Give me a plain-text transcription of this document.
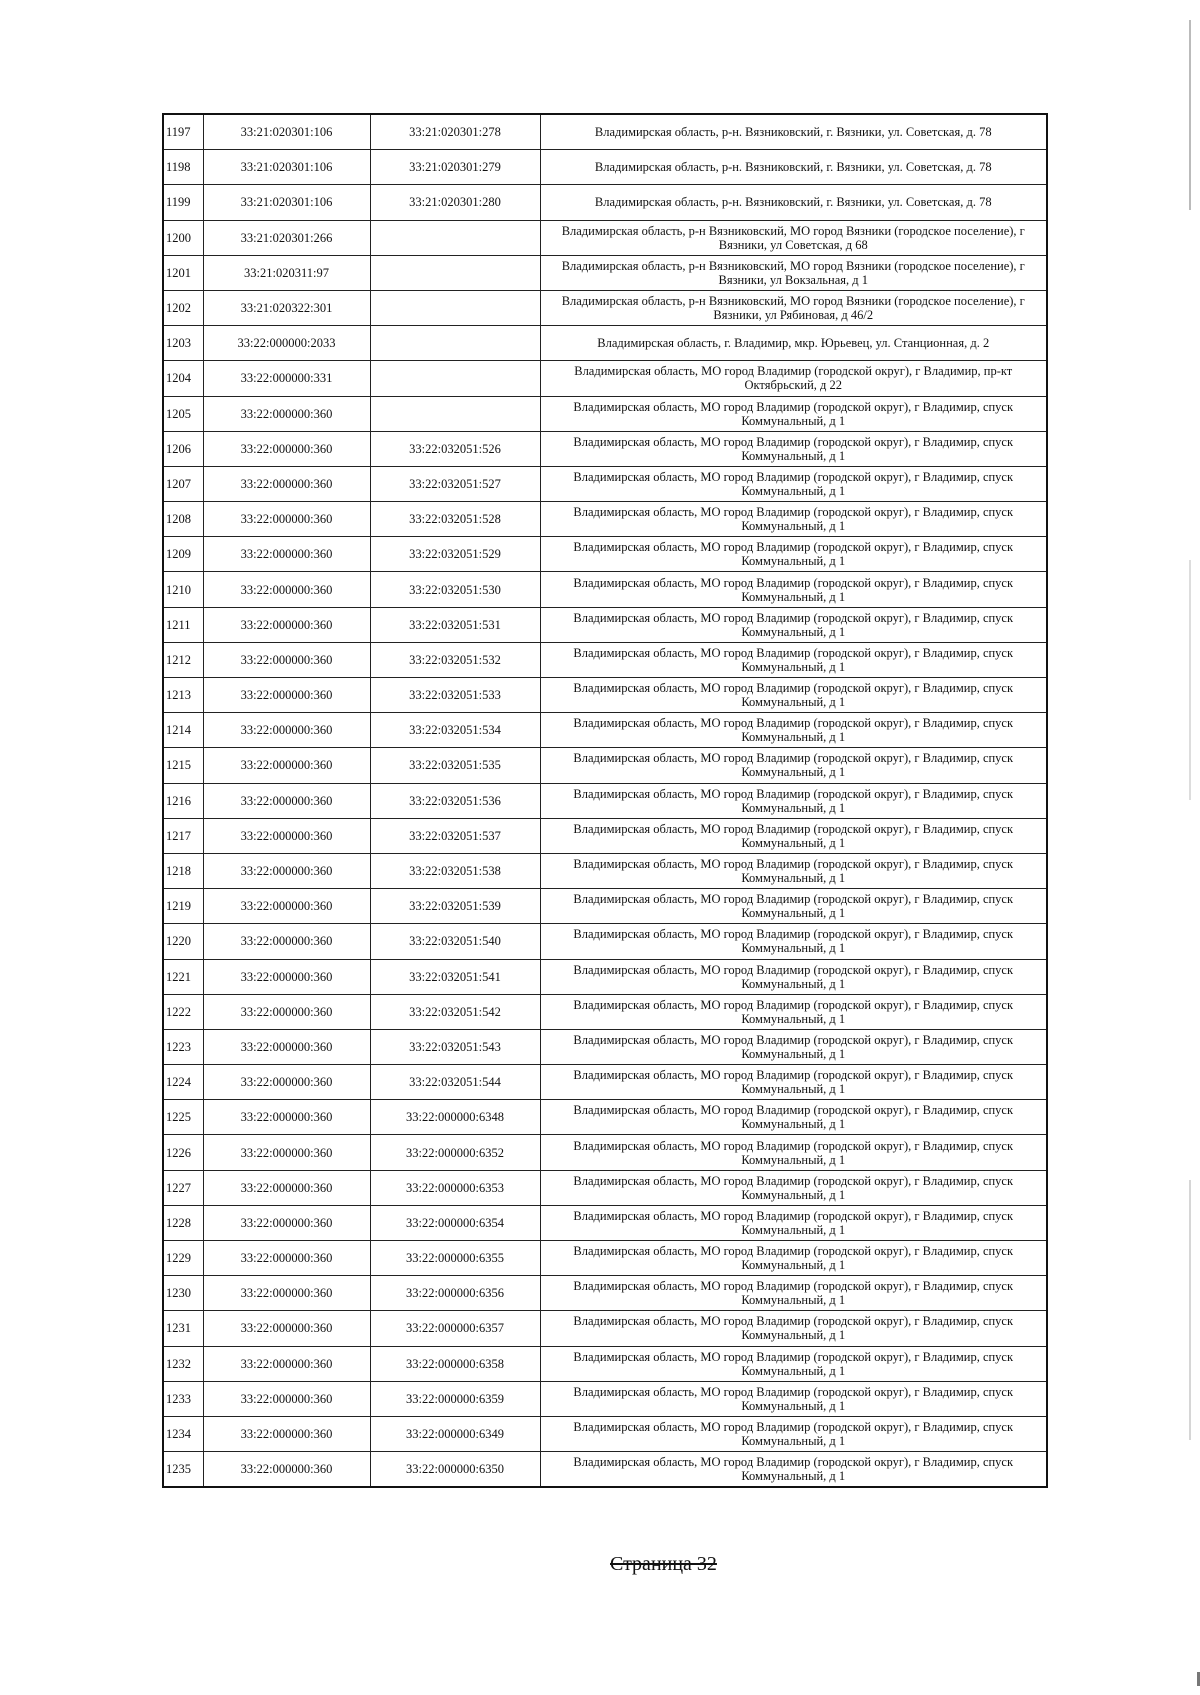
1197	33:21:020301:106	33:21:020301:278	Владимирская область, р-н. Вязниковский, г. Вязники, ул. Советская, д. 78
1198	33:21:020301:106	33:21:020301:279	Владимирская область, р-н. Вязниковский, г. Вязники, ул. Советская, д. 78
1199	33:21:020301:106	33:21:020301:280	Владимирская область, р-н. Вязниковский, г. Вязники, ул. Советская, д. 78
1200	33:21:020301:266		Владимирская область, р-н Вязниковский, МО город Вязники (городское поселение), г Вязники, ул Советская, д 68
1201	33:21:020311:97		Владимирская область, р-н Вязниковский, МО город Вязники (городское поселение), г Вязники, ул Вокзальная, д 1
1202	33:21:020322:301		Владимирская область, р-н Вязниковский, МО город Вязники (городское поселение), г Вязники, ул Рябиновая, д 46/2
1203	33:22:000000:2033		Владимирская область, г. Владимир, мкр. Юрьевец, ул. Станционная, д. 2
1204	33:22:000000:331		Владимирская область, МО город Владимир (городской округ), г Владимир, пр-кт Октябрьский, д 22
1205	33:22:000000:360		Владимирская область, МО город Владимир (городской округ), г Владимир, спуск Коммунальный, д 1
1206	33:22:000000:360	33:22:032051:526	Владимирская область, МО город Владимир (городской округ), г Владимир, спуск Коммунальный, д 1
1207	33:22:000000:360	33:22:032051:527	Владимирская область, МО город Владимир (городской округ), г Владимир, спуск Коммунальный, д 1
1208	33:22:000000:360	33:22:032051:528	Владимирская область, МО город Владимир (городской округ), г Владимир, спуск Коммунальный, д 1
1209	33:22:000000:360	33:22:032051:529	Владимирская область, МО город Владимир (городской округ), г Владимир, спуск Коммунальный, д 1
1210	33:22:000000:360	33:22:032051:530	Владимирская область, МО город Владимир (городской округ), г Владимир, спуск Коммунальный, д 1
1211	33:22:000000:360	33:22:032051:531	Владимирская область, МО город Владимир (городской округ), г Владимир, спуск Коммунальный, д 1
1212	33:22:000000:360	33:22:032051:532	Владимирская область, МО город Владимир (городской округ), г Владимир, спуск Коммунальный, д 1
1213	33:22:000000:360	33:22:032051:533	Владимирская область, МО город Владимир (городской округ), г Владимир, спуск Коммунальный, д 1
1214	33:22:000000:360	33:22:032051:534	Владимирская область, МО город Владимир (городской округ), г Владимир, спуск Коммунальный, д 1
1215	33:22:000000:360	33:22:032051:535	Владимирская область, МО город Владимир (городской округ), г Владимир, спуск Коммунальный, д 1
1216	33:22:000000:360	33:22:032051:536	Владимирская область, МО город Владимир (городской округ), г Владимир, спуск Коммунальный, д 1
1217	33:22:000000:360	33:22:032051:537	Владимирская область, МО город Владимир (городской округ), г Владимир, спуск Коммунальный, д 1
1218	33:22:000000:360	33:22:032051:538	Владимирская область, МО город Владимир (городской округ), г Владимир, спуск Коммунальный, д 1
1219	33:22:000000:360	33:22:032051:539	Владимирская область, МО город Владимир (городской округ), г Владимир, спуск Коммунальный, д 1
1220	33:22:000000:360	33:22:032051:540	Владимирская область, МО город Владимир (городской округ), г Владимир, спуск Коммунальный, д 1
1221	33:22:000000:360	33:22:032051:541	Владимирская область, МО город Владимир (городской округ), г Владимир, спуск Коммунальный, д 1
1222	33:22:000000:360	33:22:032051:542	Владимирская область, МО город Владимир (городской округ), г Владимир, спуск Коммунальный, д 1
1223	33:22:000000:360	33:22:032051:543	Владимирская область, МО город Владимир (городской округ), г Владимир, спуск Коммунальный, д 1
1224	33:22:000000:360	33:22:032051:544	Владимирская область, МО город Владимир (городской округ), г Владимир, спуск Коммунальный, д 1
1225	33:22:000000:360	33:22:000000:6348	Владимирская область, МО город Владимир (городской округ), г Владимир, спуск Коммунальный, д 1
1226	33:22:000000:360	33:22:000000:6352	Владимирская область, МО город Владимир (городской округ), г Владимир, спуск Коммунальный, д 1
1227	33:22:000000:360	33:22:000000:6353	Владимирская область, МО город Владимир (городской округ), г Владимир, спуск Коммунальный, д 1
1228	33:22:000000:360	33:22:000000:6354	Владимирская область, МО город Владимир (городской округ), г Владимир, спуск Коммунальный, д 1
1229	33:22:000000:360	33:22:000000:6355	Владимирская область, МО город Владимир (городской округ), г Владимир, спуск Коммунальный, д 1
1230	33:22:000000:360	33:22:000000:6356	Владимирская область, МО город Владимир (городской округ), г Владимир, спуск Коммунальный, д 1
1231	33:22:000000:360	33:22:000000:6357	Владимирская область, МО город Владимир (городской округ), г Владимир, спуск Коммунальный, д 1
1232	33:22:000000:360	33:22:000000:6358	Владимирская область, МО город Владимир (городской округ), г Владимир, спуск Коммунальный, д 1
1233	33:22:000000:360	33:22:000000:6359	Владимирская область, МО город Владимир (городской округ), г Владимир, спуск Коммунальный, д 1
1234	33:22:000000:360	33:22:000000:6349	Владимирская область, МО город Владимир (городской округ), г Владимир, спуск Коммунальный, д 1
1235	33:22:000000:360	33:22:000000:6350	Владимирская область, МО город Владимир (городской округ), г Владимир, спуск Коммунальный, д 1
Страница 32
